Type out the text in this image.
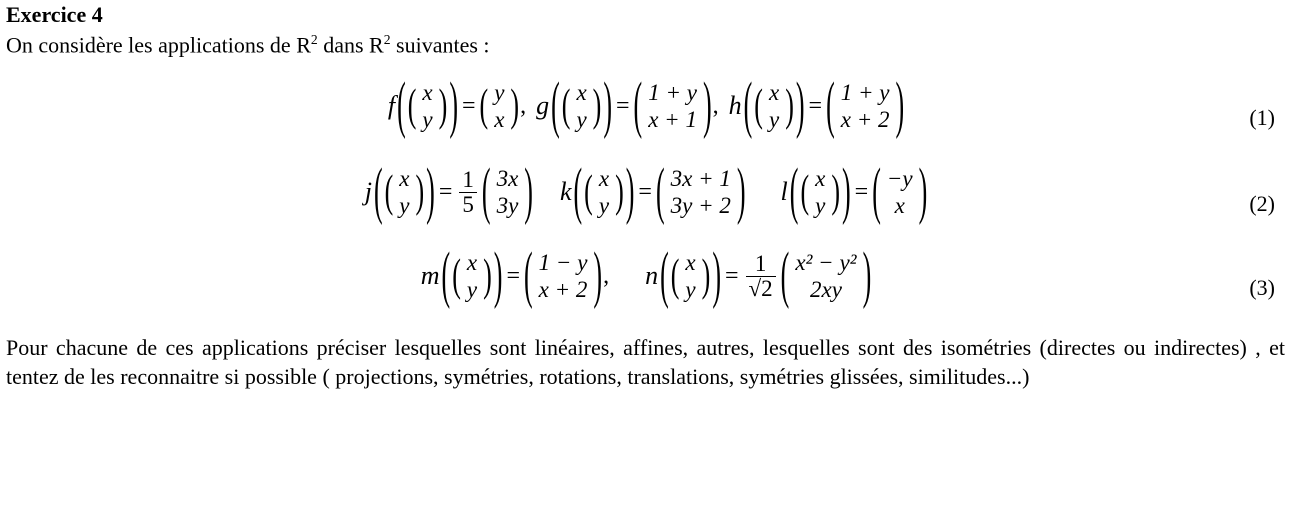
Exercice 4
On considère les applications de $R^2$ dans $R^2$ suivantes :
f ( ( x
y ) ) = ( y
x ) , g ( ( x
y ) ) = ( 1 + y
x + 1 ) , h ( ( x
y ) ) = ( 1 + y
x + 2 )	(1)
j ( ( x
y ) ) = $\frac{1}{5}$ ( 3x
3y ) k ( ( x
y ) ) = ( 3x + 1
3y + 2 ) l ( ( x
y ) ) = ( −y
x )	(2)
m ( ( x
y ) ) = ( 1 − y
x + 2 ) ,	n ( ( x
y ) ) = $\frac{1}{√2}$ ( x² − y²
2xy )	(3)
Pour chacune de ces applications préciser lesquelles sont linéaires, affines, autres, lesquelles sont des isométries (directes ou indirectes) , et tentez de les reconnaitre si possible ( projections, symétries, rotations, translations, symétries glissées, similitudes...)
